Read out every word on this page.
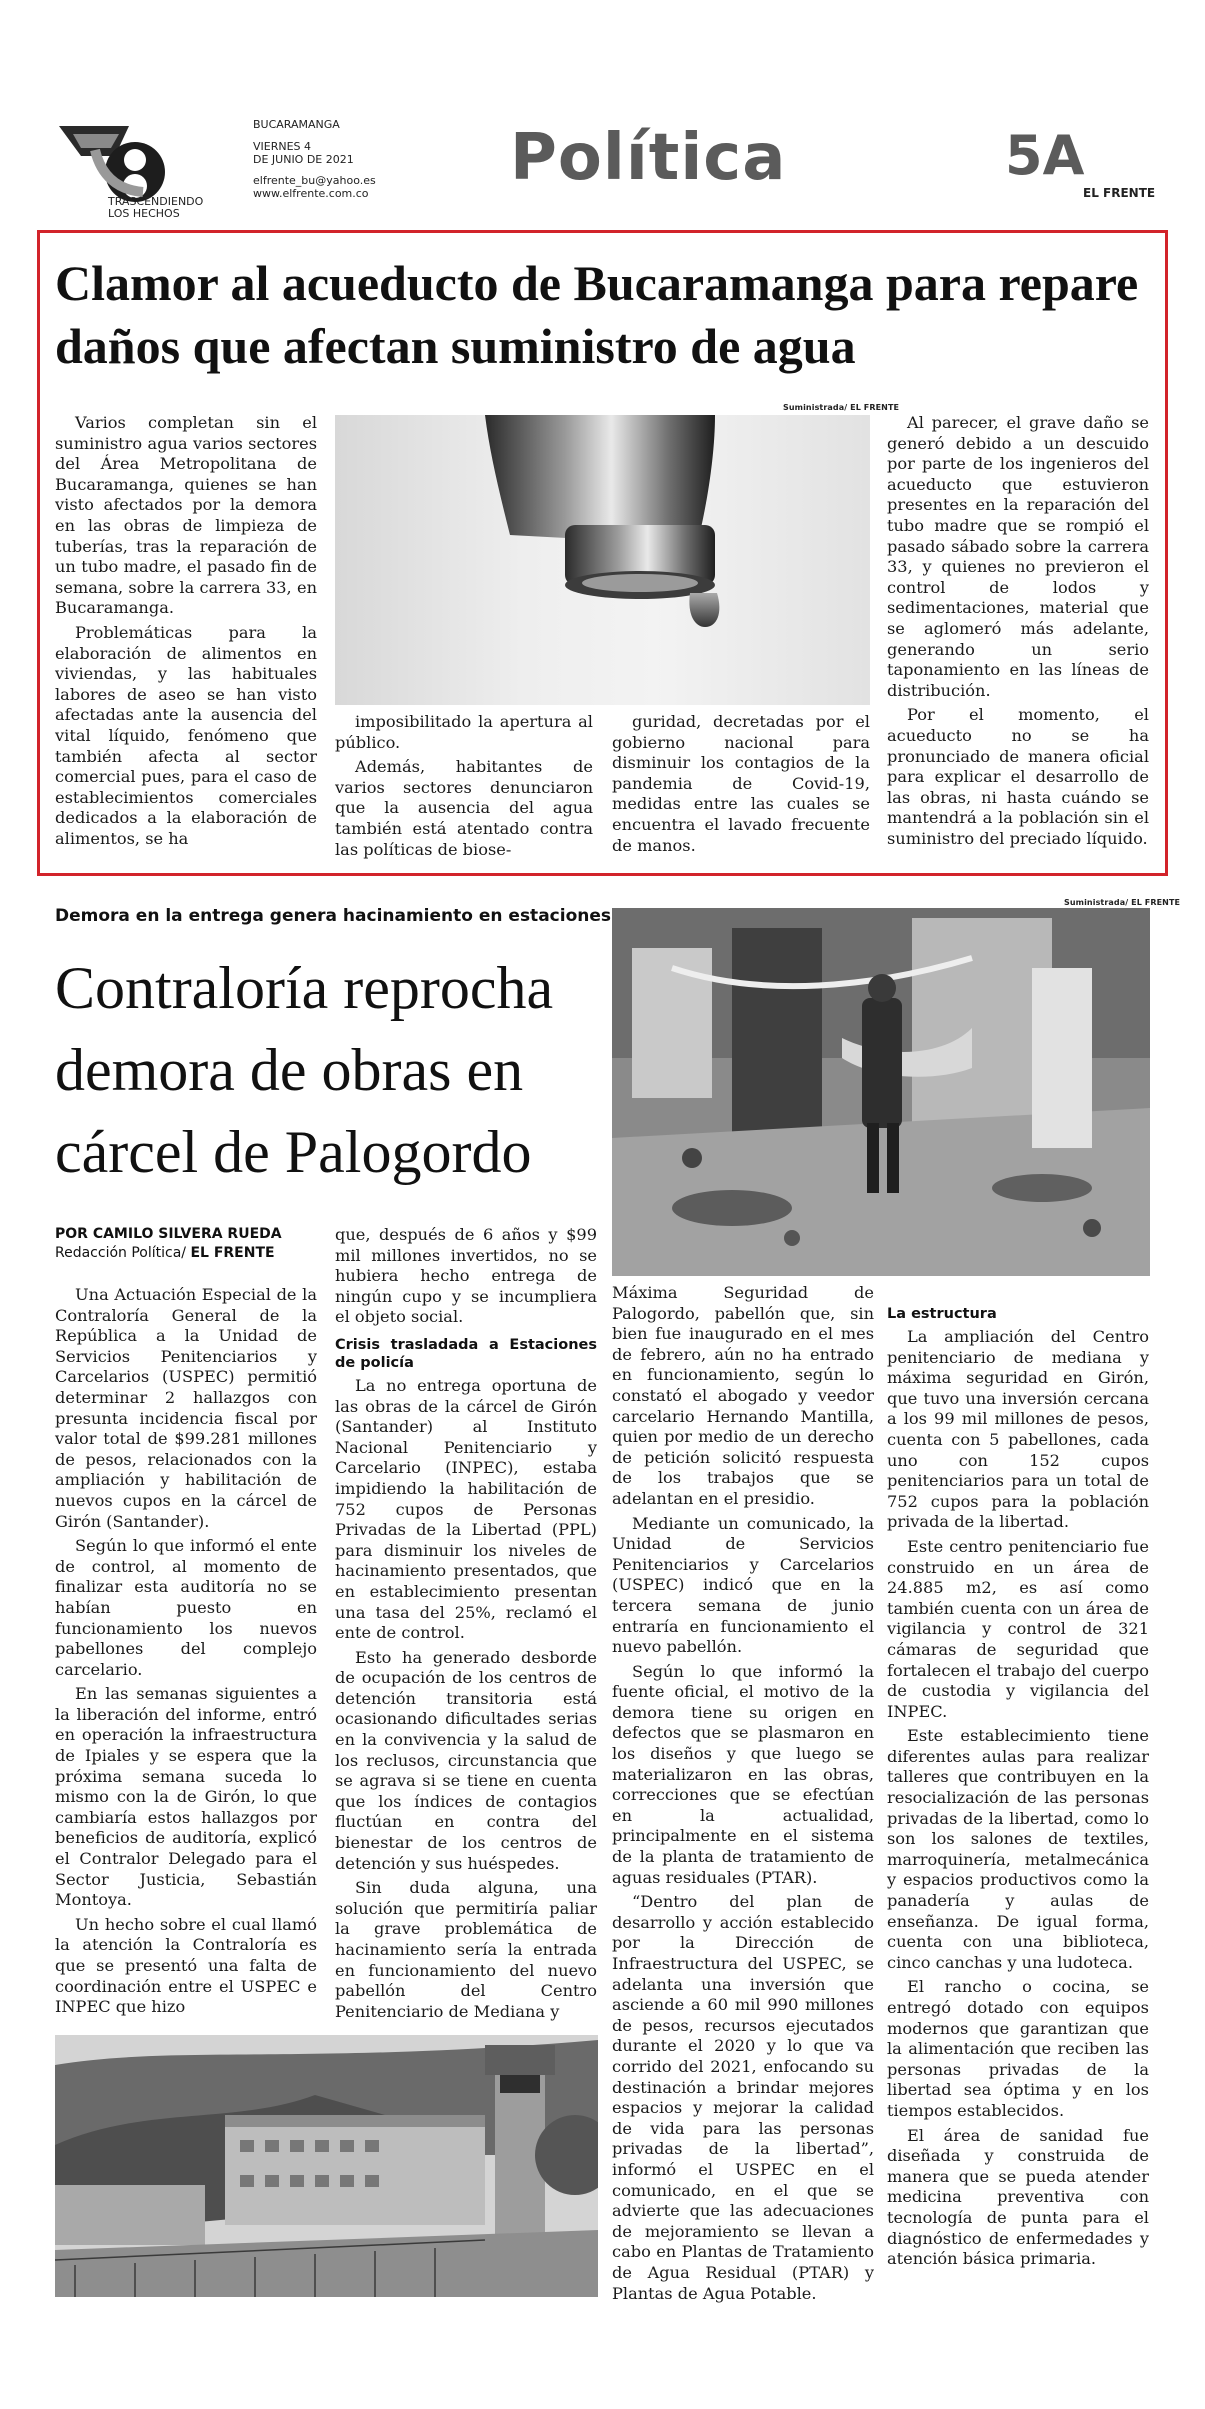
TRASCENDIENDO
LOS HECHOS
BUCARAMANGA
VIERNES 4
DE JUNIO DE 2021
elfrente_bu@yahoo.es
www.elfrente.com.co Política	5A
EL FRENTE
Clamor al acueducto de Bucaramanga para repare daños que afectan suministro de agua
Suministrada/ EL FRENTE

Varios completan sin el suministro agua varios sectores del Área Metropolitana de Bucaramanga, quienes se han visto afectados por la demora en las obras de limpieza de tuberías, tras la reparación de un tubo madre, el pasado fin de semana, sobre la carrera 33, en Bucaramanga.

Problemáticas para la elaboración de alimentos en viviendas, y las habituales labores de aseo se han visto afectadas ante la ausencia del vital líquido, fenómeno que también afecta al sector comercial pues, para el caso de establecimientos comerciales dedicados a la elaboración de alimentos, se ha

imposibilitado la apertura al público.

Además, habitantes de varios sectores denunciaron que la ausencia del agua también está atentado contra las políticas de biose-

guridad, decretadas por el gobierno nacional para disminuir los contagios de la pandemia de Covid-19, medidas entre las cuales se encuentra el lavado frecuente de manos.

Al parecer, el grave daño se generó debido a un descuido por parte de los ingenieros del acueducto que estuvieron presentes en la reparación del tubo madre que se rompió el pasado sábado sobre la carrera 33, y quienes no previeron el control de lodos y sedimentaciones, material que se aglomeró más adelante, generando un serio taponamiento en las líneas de distribución.

Por el momento, el acueducto no se ha pronunciado de manera oficial para explicar el desarrollo de las obras, ni hasta cuándo se mantendrá a la población sin el suministro del preciado líquido.

Demora en la entrega genera hacinamiento en estaciones
Contraloría reprocha
demora de obras en
cárcel de Palogordo
Suministrada/ EL FRENTE
POR CAMILO SILVERA RUEDA
Redacción Política/ EL FRENTE

Una Actuación Especial de la Contraloría General de la República a la Unidad de Servicios Penitenciarios y Carcelarios (USPEC) permitió determinar 2 hallazgos con presunta incidencia fiscal por valor total de $99.281 millones de pesos, relacionados con la ampliación y habilitación de nuevos cupos en la cárcel de Girón (Santander).

Según lo que informó el ente de control, al momento de finalizar esta auditoría no se habían puesto en funcionamiento los nuevos pabellones del complejo carcelario.

En las semanas siguientes a la liberación del informe, entró en operación la infraestructura de Ipiales y se espera que la próxima semana suceda lo mismo con la de Girón, lo que cambiaría estos hallazgos por beneficios de auditoría, explicó el Contralor Delegado para el Sector Justicia, Sebastián Montoya.

Un hecho sobre el cual llamó la atención la Contraloría es que se presentó una falta de coordinación entre el USPEC e INPEC que hizo

que, después de 6 años y $99 mil millones invertidos, no se hubiera hecho entrega de ningún cupo y se incumpliera el objeto social.

Crisis trasladada a Estaciones de policía

La no entrega oportuna de las obras de la cárcel de Girón (Santander) al Instituto Nacional Penitenciario y Carcelario (INPEC), estaba impidiendo la habilitación de 752 cupos de Personas Privadas de la Libertad (PPL) para disminuir los niveles de hacinamiento presentados, que en establecimiento presentan una tasa del 25%, reclamó el ente de control.

Esto ha generado desborde de ocupación de los centros de detención transitoria está ocasionando dificultades serias en la convivencia y la salud de los reclusos, circunstancia que se agrava si se tiene en cuenta que los índices de contagios fluctúan en contra del bienestar de los centros de detención y sus huéspedes.

Sin duda alguna, una solución que permitiría paliar la grave problemática de hacinamiento sería la entrada en funcionamiento del nuevo pabellón del Centro Penitenciario de Mediana y

Máxima Seguridad de Palogordo, pabellón que, sin bien fue inaugurado en el mes de febrero, aún no ha entrado en funcionamiento, según lo constató el abogado y veedor carcelario Hernando Mantilla, quien por medio de un derecho de petición solicitó respuesta de los trabajos que se adelantan en el presidio.

Mediante un comunicado, la Unidad de Servicios Penitenciarios y Carcelarios (USPEC) indicó que en la tercera semana de junio entraría en funcionamiento el nuevo pabellón.

Según lo que informó la fuente oficial, el motivo de la demora tiene su origen en defectos que se plasmaron en los diseños y que luego se materializaron en las obras, correcciones que se efectúan en la actualidad, principalmente en el sistema de la planta de tratamiento de aguas residuales (PTAR).

“Dentro del plan de desarrollo y acción establecido por la Dirección de Infraestructura del USPEC, se adelanta una inversión que asciende a 60 mil 990 millones de pesos, recursos ejecutados durante el 2020 y lo que va corrido del 2021, enfocando su destinación a brindar mejores espacios y mejorar la calidad de vida para las personas privadas de la libertad”, informó el USPEC en el comunicado, en el que se advierte que las adecuaciones de mejoramiento se llevan a cabo en Plantas de Tratamiento de Agua Residual (PTAR) y Plantas de Agua Potable.

La estructura

La ampliación del Centro penitenciario de mediana y máxima seguridad en Girón, que tuvo una inversión cercana a los 99 mil millones de pesos, cuenta con 5 pabellones, cada uno con 152 cupos penitenciarios para un total de 752 cupos para la población privada de la libertad.

Este centro penitenciario fue construido en un área de 24.885 m2, es así como también cuenta con un área de vigilancia y control de 321 cámaras de seguridad que fortalecen el trabajo del cuerpo de custodia y vigilancia del INPEC.

Este establecimiento tiene diferentes aulas para realizar talleres que contribuyen en la resocialización de las personas privadas de la libertad, como lo son los salones de textiles, marroquinería, metalmecánica y espacios productivos como la panadería y aulas de enseñanza. De igual forma, cuenta con una biblioteca, cinco canchas y una ludoteca.

El rancho o cocina, se entregó dotado con equipos modernos que garantizan que la alimentación que reciben las personas privadas de la libertad sea óptima y en los tiempos establecidos.

El área de sanidad fue diseñada y construida de manera que se pueda atender medicina preventiva con tecnología de punta para el diagnóstico de enfermedades y atención básica primaria.
